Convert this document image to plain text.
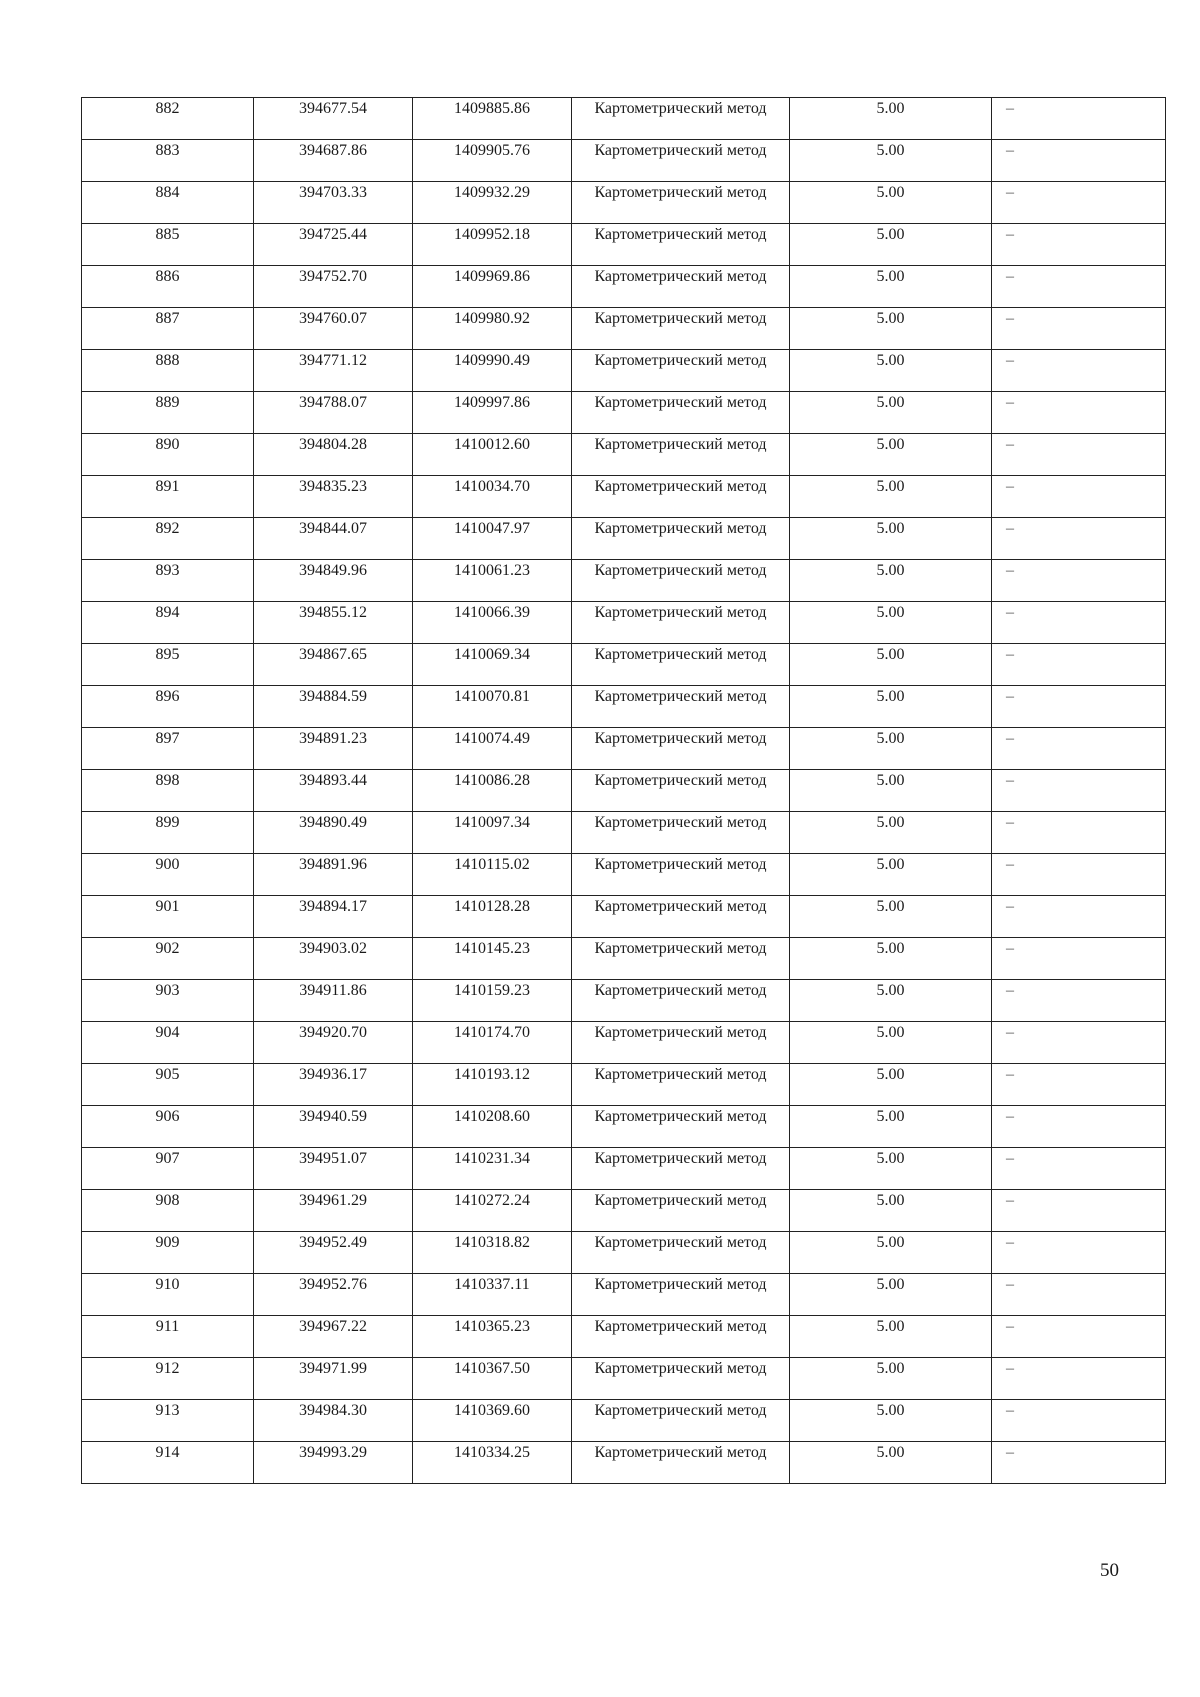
882	394677.54	1409885.86	Картометрический метод	5.00	–
883	394687.86	1409905.76	Картометрический метод	5.00	–
884	394703.33	1409932.29	Картометрический метод	5.00	–
885	394725.44	1409952.18	Картометрический метод	5.00	–
886	394752.70	1409969.86	Картометрический метод	5.00	–
887	394760.07	1409980.92	Картометрический метод	5.00	–
888	394771.12	1409990.49	Картометрический метод	5.00	–
889	394788.07	1409997.86	Картометрический метод	5.00	–
890	394804.28	1410012.60	Картометрический метод	5.00	–
891	394835.23	1410034.70	Картометрический метод	5.00	–
892	394844.07	1410047.97	Картометрический метод	5.00	–
893	394849.96	1410061.23	Картометрический метод	5.00	–
894	394855.12	1410066.39	Картометрический метод	5.00	–
895	394867.65	1410069.34	Картометрический метод	5.00	–
896	394884.59	1410070.81	Картометрический метод	5.00	–
897	394891.23	1410074.49	Картометрический метод	5.00	–
898	394893.44	1410086.28	Картометрический метод	5.00	–
899	394890.49	1410097.34	Картометрический метод	5.00	–
900	394891.96	1410115.02	Картометрический метод	5.00	–
901	394894.17	1410128.28	Картометрический метод	5.00	–
902	394903.02	1410145.23	Картометрический метод	5.00	–
903	394911.86	1410159.23	Картометрический метод	5.00	–
904	394920.70	1410174.70	Картометрический метод	5.00	–
905	394936.17	1410193.12	Картометрический метод	5.00	–
906	394940.59	1410208.60	Картометрический метод	5.00	–
907	394951.07	1410231.34	Картометрический метод	5.00	–
908	394961.29	1410272.24	Картометрический метод	5.00	–
909	394952.49	1410318.82	Картометрический метод	5.00	–
910	394952.76	1410337.11	Картометрический метод	5.00	–
911	394967.22	1410365.23	Картометрический метод	5.00	–
912	394971.99	1410367.50	Картометрический метод	5.00	–
913	394984.30	1410369.60	Картометрический метод	5.00	–
914	394993.29	1410334.25	Картометрический метод	5.00	–
50
